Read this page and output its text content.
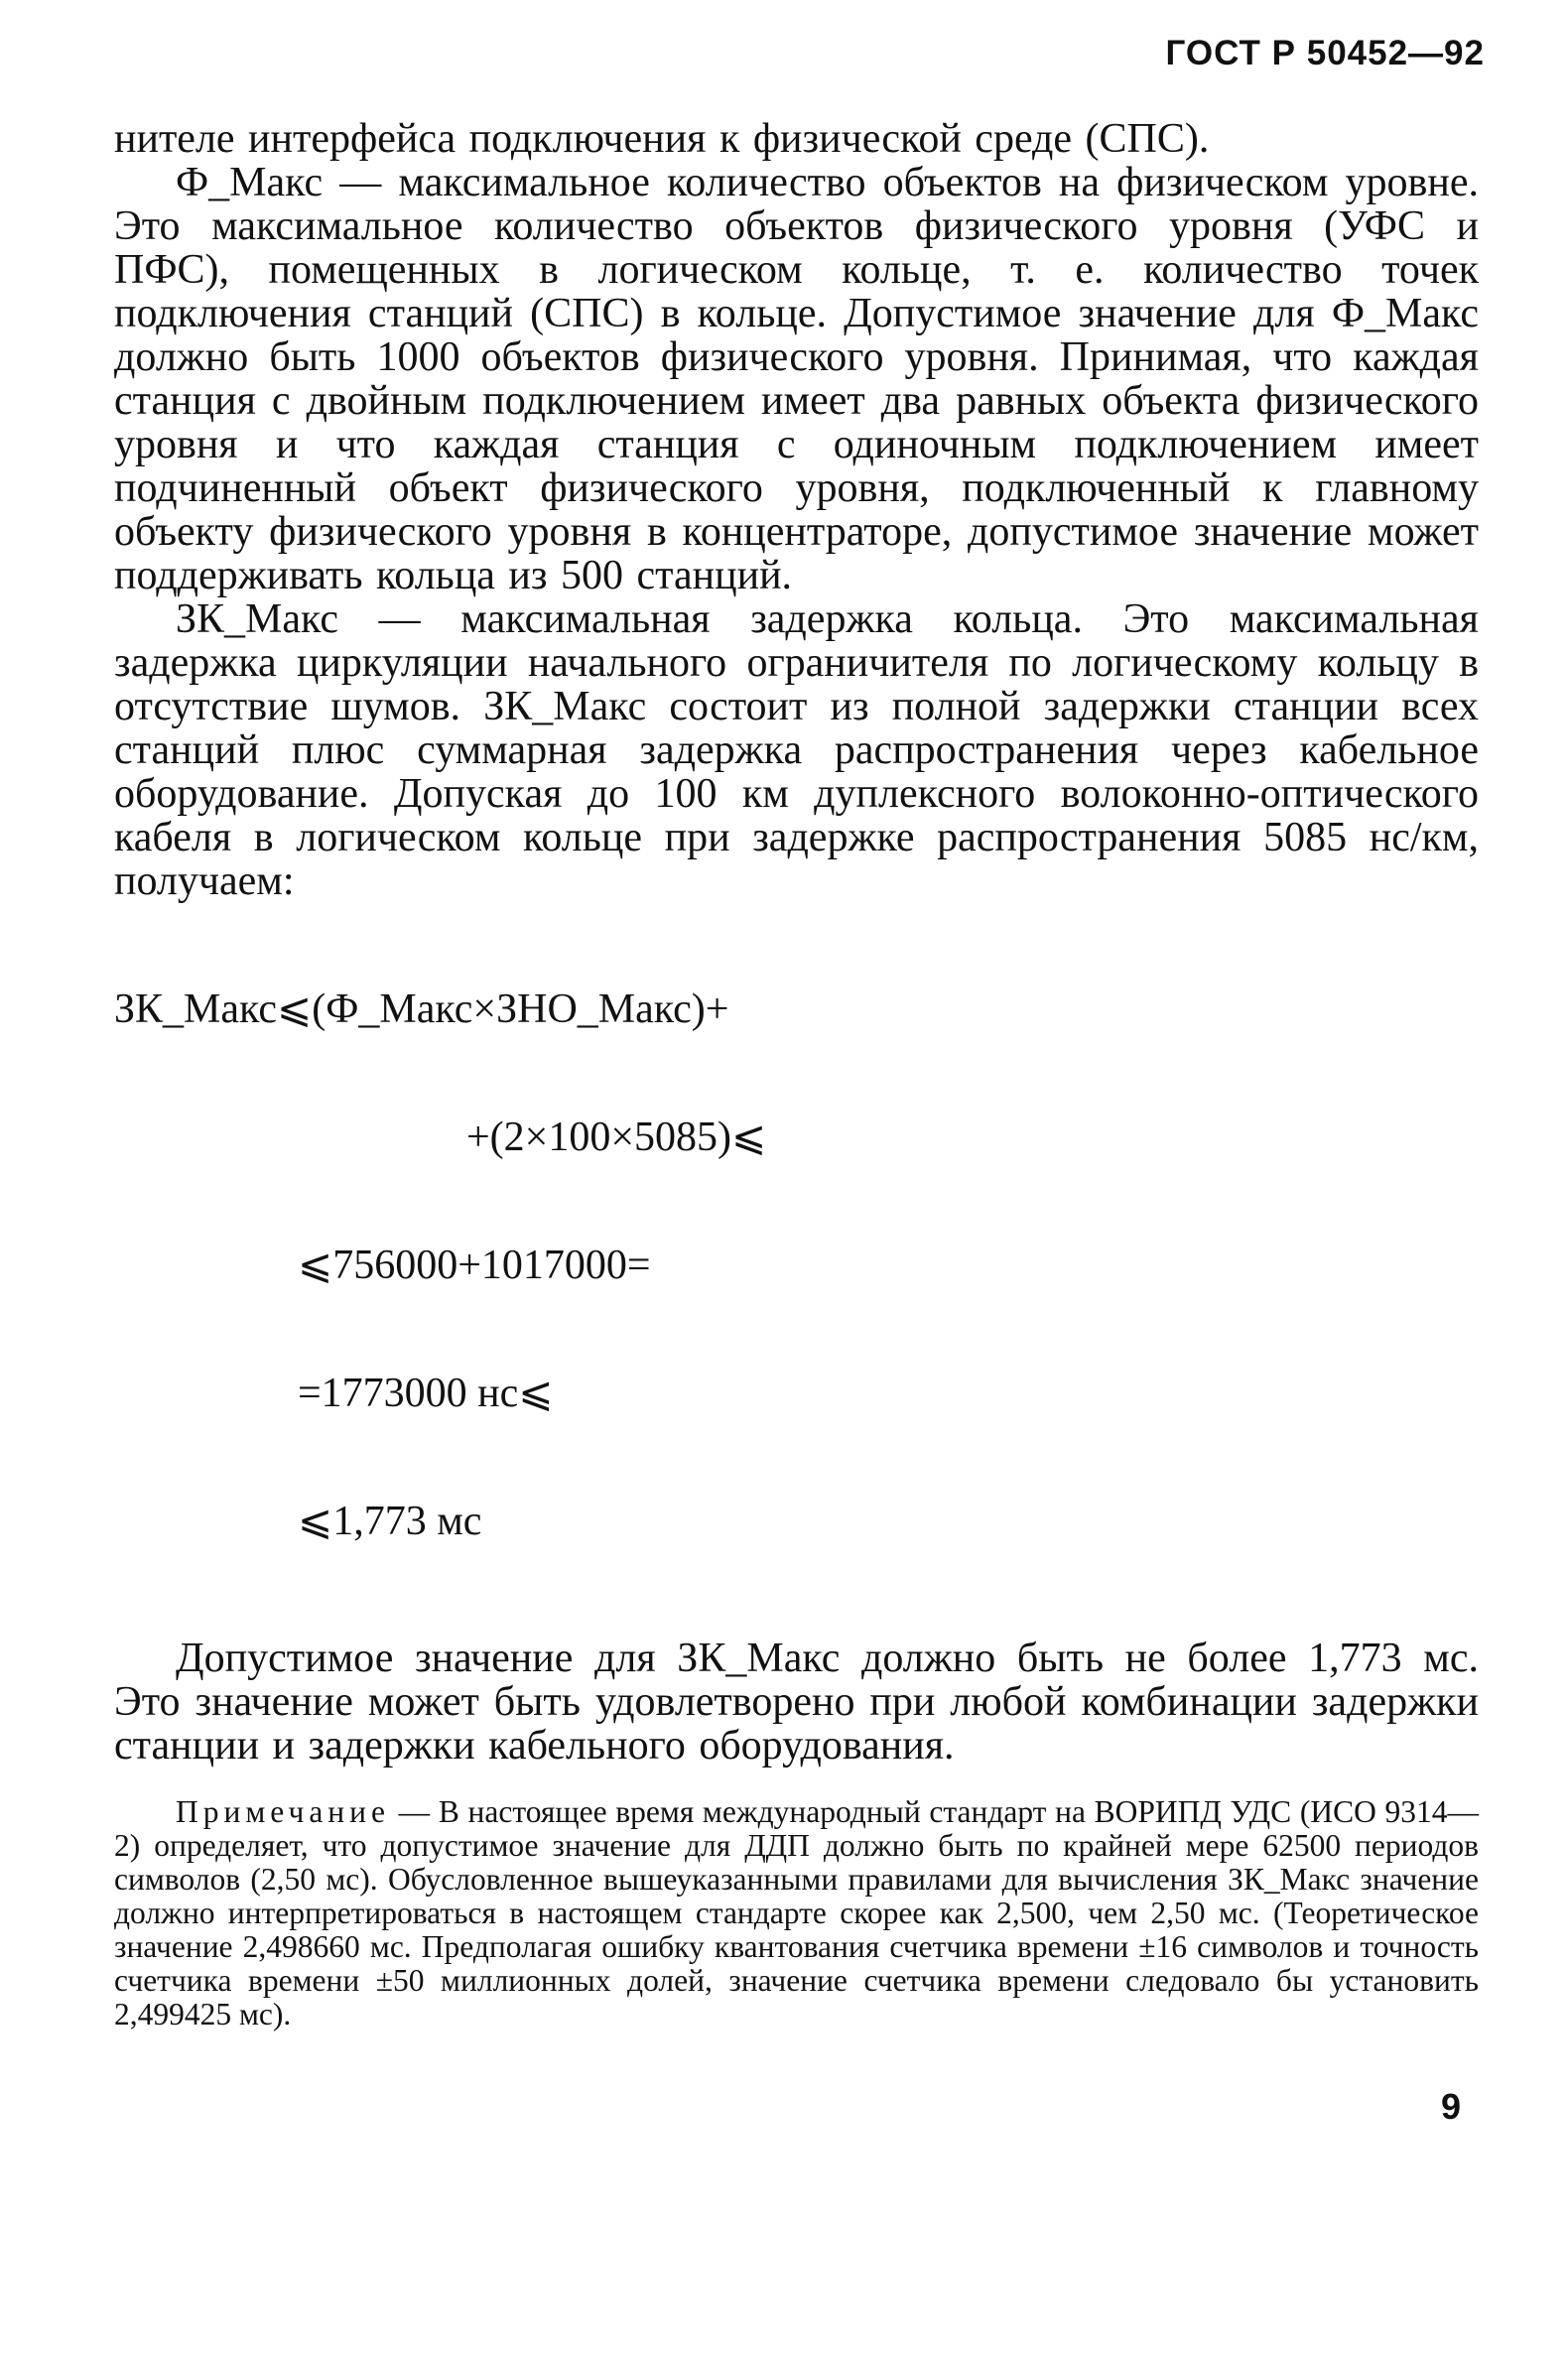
ГОСТ Р 50452—92

нителе интерфейса подключения к физической среде (СПС).

Ф_Макс — максимальное количество объектов на физическом уровне. Это максимальное количество объектов физического уровня (УФС и ПФС), помещенных в логическом кольце, т. е. количество точек подключения станций (СПС) в кольце. Допустимое значение для Ф_Макс должно быть 1000 объектов физического уровня. Принимая, что каждая станция с двойным подключением имеет два равных объекта физического уровня и что каждая станция с одиночным подключением имеет подчиненный объект физического уровня, подключенный к главному объекту физического уровня в концентраторе, допустимое значение может поддерживать кольца из 500 станций.

ЗК_Макс — максимальная задержка кольца. Это максимальная задержка циркуляции начального ограничителя по логическому кольцу в отсутствие шумов. ЗК_Макс состоит из полной задержки станции всех станций плюс суммарная задержка распространения через кабельное оборудование. Допуская до 100 км дуплексного волоконно-оптического кабеля в логическом кольце при задержке распространения 5085 нс/км, получаем:

ЗК_Макс⩽(Ф_Макс×ЗНО_Макс)+

+(2×100×5085)⩽

⩽756000+1017000=

=1773000 нс⩽

⩽1,773 мс

Допустимое значение для ЗК_Макс должно быть не более 1,773 мс. Это значение может быть удовлетворено при любой комбинации задержки станции и задержки кабельного оборудования.

Примечание — В настоящее время международный стандарт на ВОРИПД УДС (ИСО 9314—2) определяет, что допустимое значение для ДДП должно быть по крайней мере 62500 периодов символов (2,50 мс). Обусловленное вышеуказанными правилами для вычисления ЗК_Макс значение должно интерпретироваться в настоящем стандарте скорее как 2,500, чем 2,50 мс. (Теоретическое значение 2,498660 мс. Предполагая ошибку квантования счетчика времени ±16 символов и точность счетчика времени ±50 миллионных долей, значение счетчика времени следовало бы установить 2,499425 мс).

9
